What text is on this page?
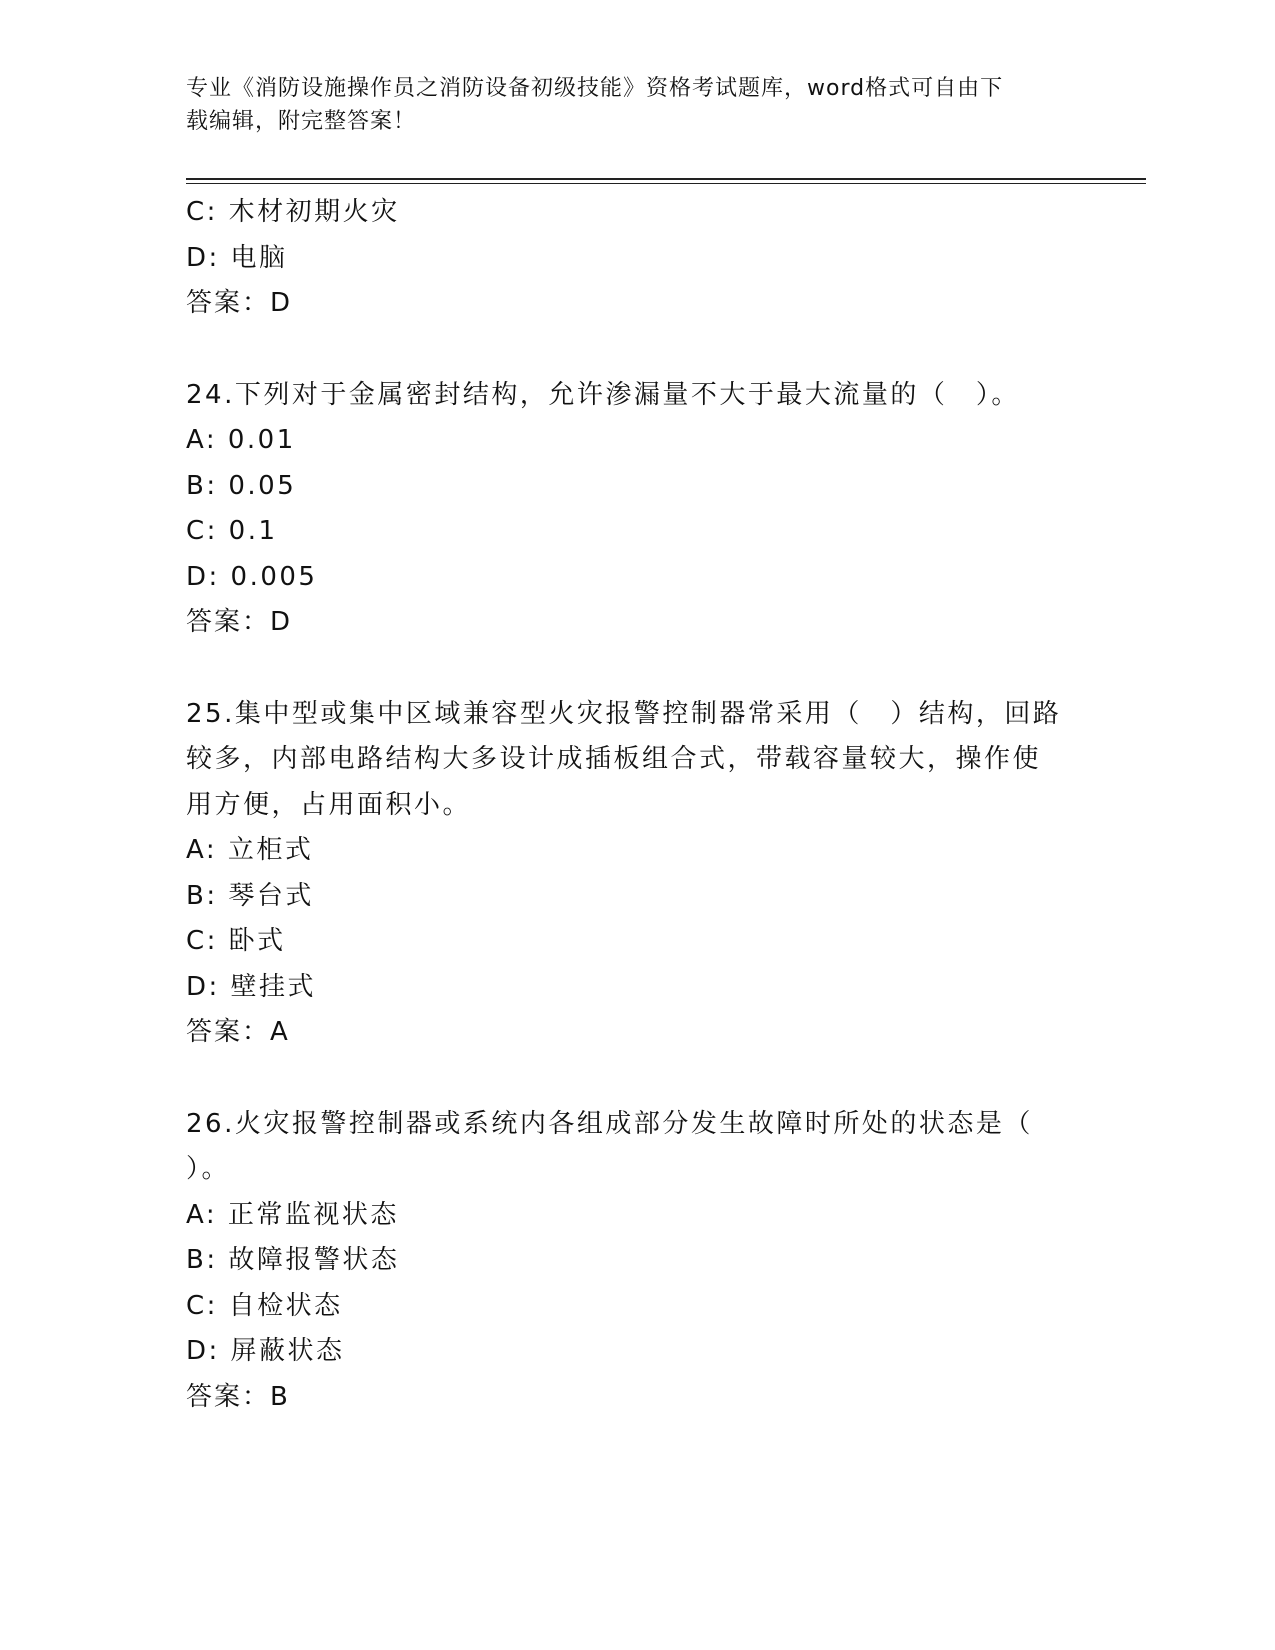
专业《消防设施操作员之消防设备初级技能》资格考试题库，word格式可自由下
载编辑，附完整答案！
C: 木材初期火灾
D: 电脑
答案：D
24.下列对于金属密封结构，允许渗漏量不大于最大流量的（　）。
A: 0.01
B: 0.05
C: 0.1
D: 0.005
答案：D
25.集中型或集中区域兼容型火灾报警控制器常采用（　）结构，回路
较多，内部电路结构大多设计成插板组合式，带载容量较大，操作使
用方便，占用面积小。
A: 立柜式
B: 琴台式
C: 卧式
D: 壁挂式
答案：A
26.火灾报警控制器或系统内各组成部分发生故障时所处的状态是（
）。
A: 正常监视状态
B: 故障报警状态
C: 自检状态
D: 屏蔽状态
答案：B
